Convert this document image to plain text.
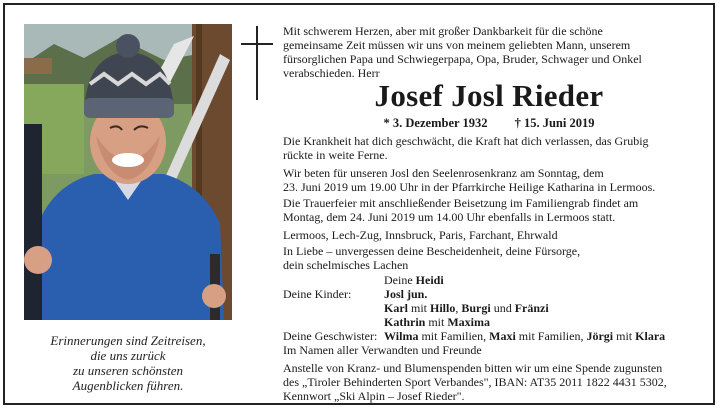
Erinnerungen sind Zeitreisen,
die uns zurück
zu unseren schönsten
Augenblicken führen.
Mit schwerem Herzen, aber mit großer Dankbarkeit für die schöne
gemeinsame Zeit müssen wir uns von meinem geliebten Mann, unserem
fürsorglichen Papa und Schwiegerpapa, Opa, Bruder, Schwager und Onkel
verabschieden. Herr
Josef Josl Rieder
* 3. Dezember 1932 † 15. Juni 2019
Die Krankheit hat dich geschwächt, die Kraft hat dich verlassen, das Grubig
rückte in weite Ferne.
Wir beten für unseren Josl den Seelenrosenkranz am Sonntag, dem
23. Juni 2019 um 19.00 Uhr in der Pfarrkirche Heilige Katharina in Lermoos.
Die Trauerfeier mit anschließender Beisetzung im Familiengrab findet am
Montag, dem 24. Juni 2019 um 14.00 Uhr ebenfalls in Lermoos statt.
Lermoos, Lech-Zug, Innsbruck, Paris, Farchant, Ehrwald
In Liebe – unvergessen deine Bescheidenheit, deine Fürsorge,
dein schelmisches Lachen
Deine Heidi
Deine Kinder:	Josl jun.
Karl mit Hillo, Burgi und Fränzi
Kathrin mit Maxima
Deine Geschwister: Wilma mit Familien, Maxi mit Familien, Jörgi mit Klara
Im Namen aller Verwandten und Freunde
Anstelle von Kranz- und Blumenspenden bitten wir um eine Spende zugunsten
des „Tiroler Behinderten Sport Verbandes", IBAN: AT35 2011 1822 4431 5302,
Kennwort „Ski Alpin – Josef Rieder".
